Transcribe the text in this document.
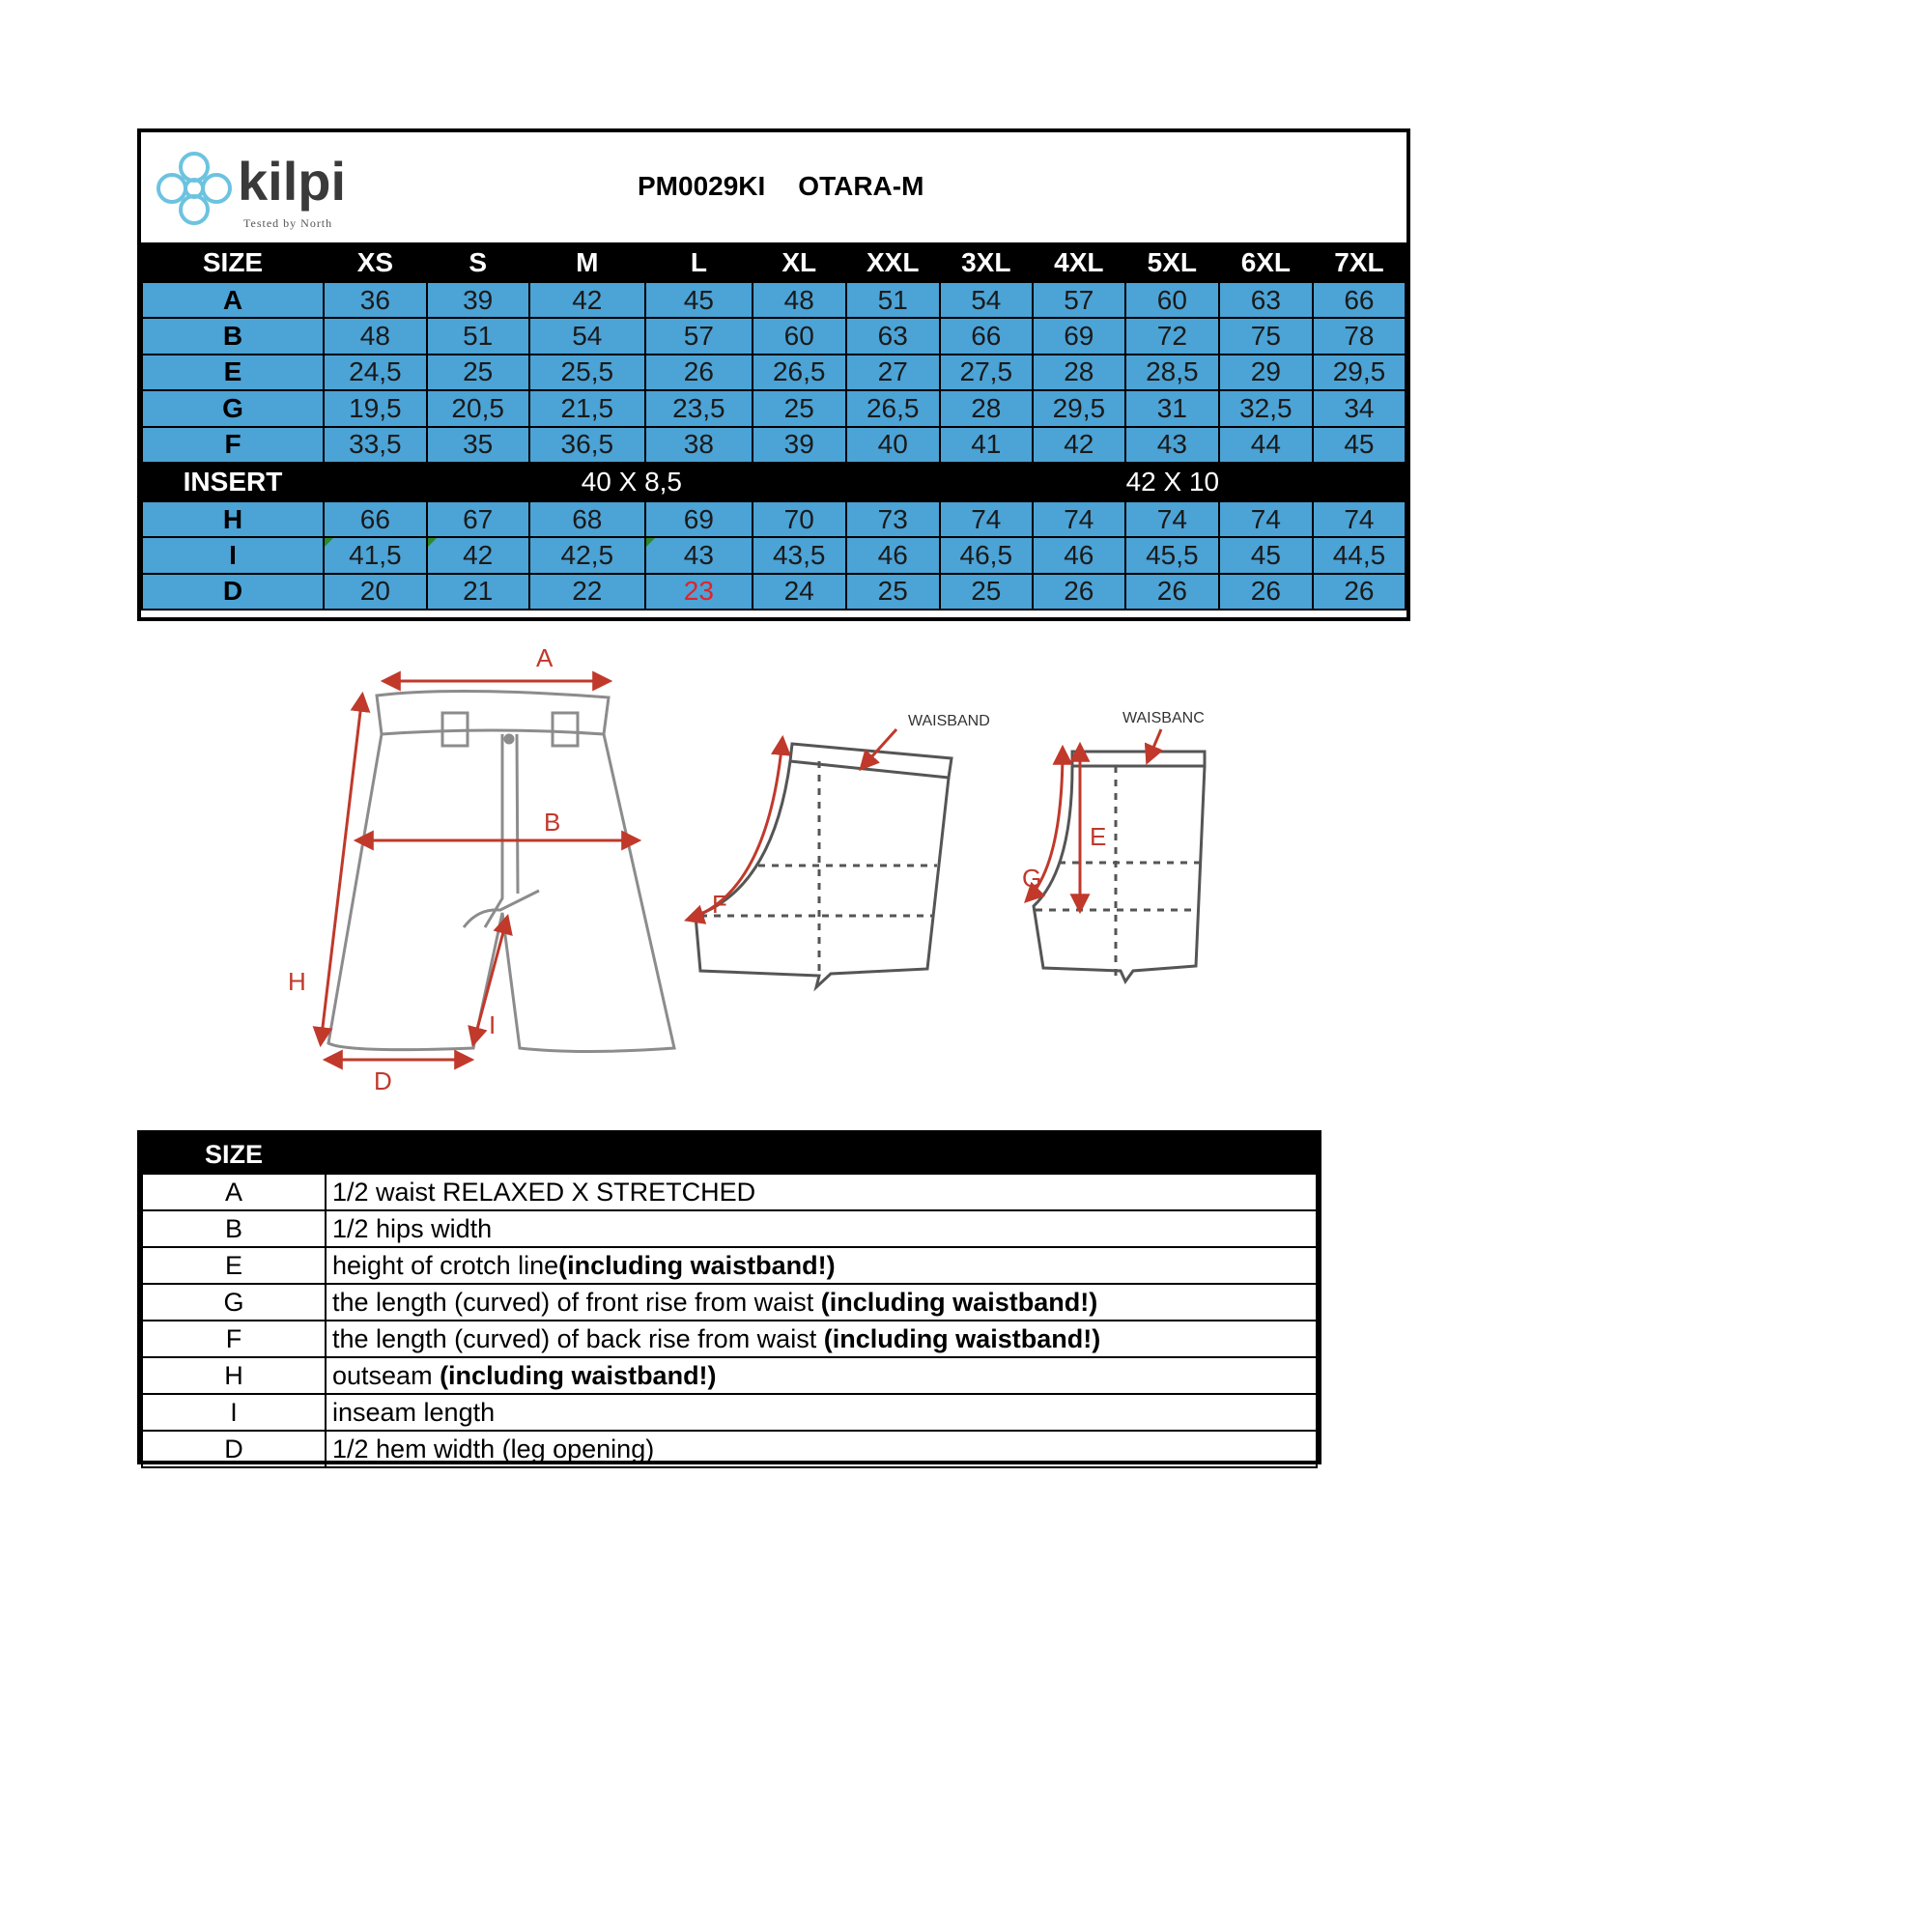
kilpi
Tested by North
PM0029KI OTARA-M
SIZE	XS	S	M	L	XL	XXL	3XL	4XL	5XL	6XL	7XL
A	36	39	42	45	48	51	54	57	60	63	66
B	48	51	54	57	60	63	66	69	72	75	78
E	24,5	25	25,5	26	26,5	27	27,5	28	28,5	29	29,5
G	19,5	20,5	21,5	23,5	25	26,5	28	29,5	31	32,5	34
F	33,5	35	36,5	38	39	40	41	42	43	44	45
INSERT	40 X 8,5						42 X 10				
H	66	67	68	69	70	73	74	74	74	74	74
I	41,5	42	42,5	43	43,5	46	46,5	46	45,5	45	44,5
D	20	21	22	23	24	25	25	26	26	26	26
A
B
H
I
D
F
WAISBAND
E
G
WAISBANC
SIZE	
A	1/2 waist RELAXED X STRETCHED
B	1/2 hips width
E	height of crotch line(including waistband!)
G	the length (curved) of front rise from waist (including waistband!)
F	the length (curved) of back rise from waist (including waistband!)
H	outseam (including waistband!)
I	inseam length
D	1/2 hem width (leg opening)
